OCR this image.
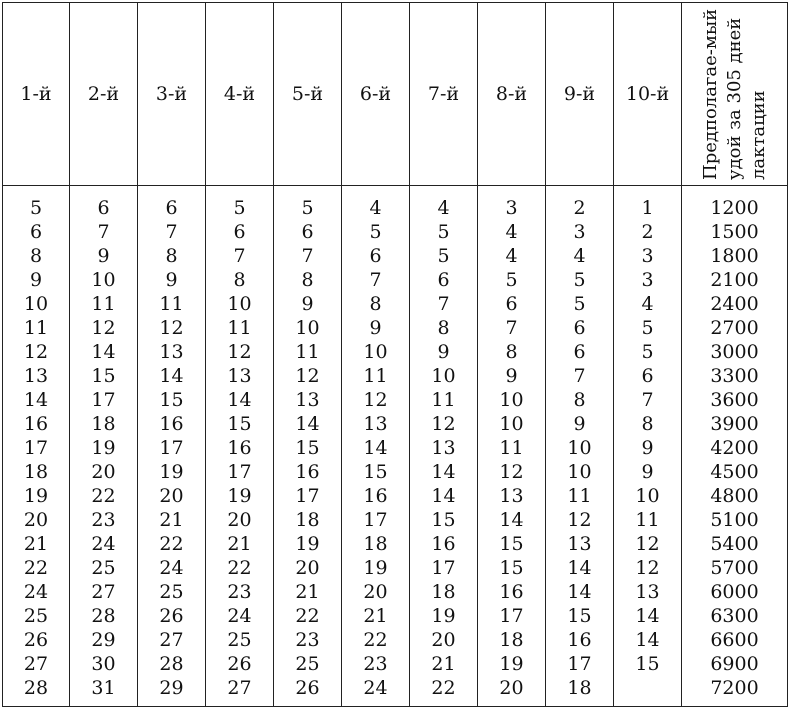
1-й	2-й	3-й	4-й	5-й	6-й	7-й	8-й	9-й	10-й	Предполагае-мый удой за 305 дней лактации

5	6	6	5	5	4	4	3	2	1	1200
6	7	7	6	6	5	5	4	3	2	1500
8	9	8	7	7	6	5	4	4	3	1800
9	10	9	8	8	7	6	5	5	3	2100
10	11	11	10	9	8	7	6	5	4	2400
11	12	12	11	10	9	8	7	6	5	2700
12	14	13	12	11	10	9	8	6	5	3000
13	15	14	13	12	11	10	9	7	6	3300
14	17	15	14	13	12	11	10	8	7	3600
16	18	16	15	14	13	12	10	9	8	3900
17	19	17	16	15	14	13	11	10	9	4200
18	20	19	17	16	15	14	12	10	9	4500
19	22	20	19	17	16	14	13	11	10	4800
20	23	21	20	18	17	15	14	12	11	5100
21	24	22	21	19	18	16	15	13	12	5400
22	25	24	22	20	19	17	15	14	12	5700
24	27	25	23	21	20	18	16	14	13	6000
25	28	26	24	22	21	19	17	15	14	6300
26	29	27	25	23	22	20	18	16	14	6600
27	30	28	26	25	23	21	19	17	15	6900
28	31	29	27	26	24	22	20	18		7200
